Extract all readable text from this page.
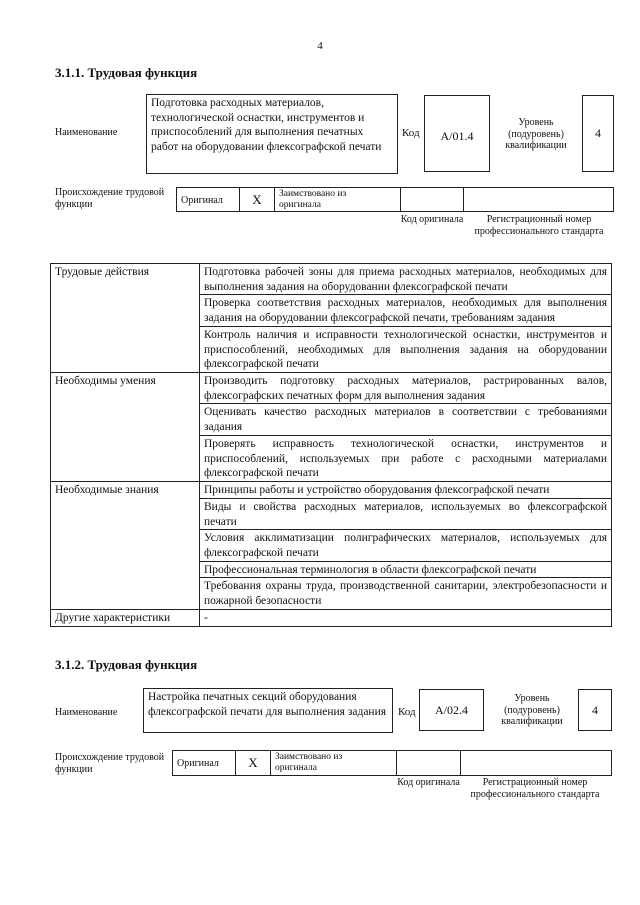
4
3.1.1. Трудовая функция
Наименование
Подготовка расходных материалов, технологической оснастки, инструментов и приспособлений для выполнения печатных работ на оборудовании флексографской печати
Код А/01.4
Уровень (подуровень) квалификации
4
Происхождение трудовой функции	Оригинал X Заимствовано из оригинала
Код оригинала	Регистрационный номер профессионального стандарта
Трудовые действия	Подготовка рабочей зоны для приема расходных материалов, необходимых для выполнения задания на оборудовании флексографской печати
	Проверка соответствия расходных материалов, необходимых для выполнения задания на оборудовании флексографской печати, требованиям задания
	Контроль наличия и исправности технологической оснастки, инструментов и приспособлений, необходимых для выполнения задания на оборудовании флексографской печати
Необходимы умения	Производить подготовку расходных материалов, растрированных валов, флексографских печатных форм для выполнения задания
	Оценивать качество расходных материалов в соответствии с требованиями задания
	Проверять исправность технологической оснастки, инструментов и приспособлений, используемых при работе с расходными материалами флексографской печати
Необходимые знания	Принципы работы и устройство оборудования флексографской печати
	Виды и свойства расходных материалов, используемых во флексографской печати
	Условия акклиматизации полиграфических материалов, используемых для флексографской печати
	Профессиональная терминология в области флексографской печати
	Требования охраны труда, производственной санитарии, электробезопасности и пожарной безопасности
Другие характеристики	-
3.1.2. Трудовая функция
Наименование
Настройка печатных секций оборудования флексографской печати для выполнения задания	Код А/02.4
Уровень (подуровень) квалификации
4
Происхождение трудовой функции	Оригинал X Заимствовано из оригинала
Код оригинала	Регистрационный номер профессионального стандарта
